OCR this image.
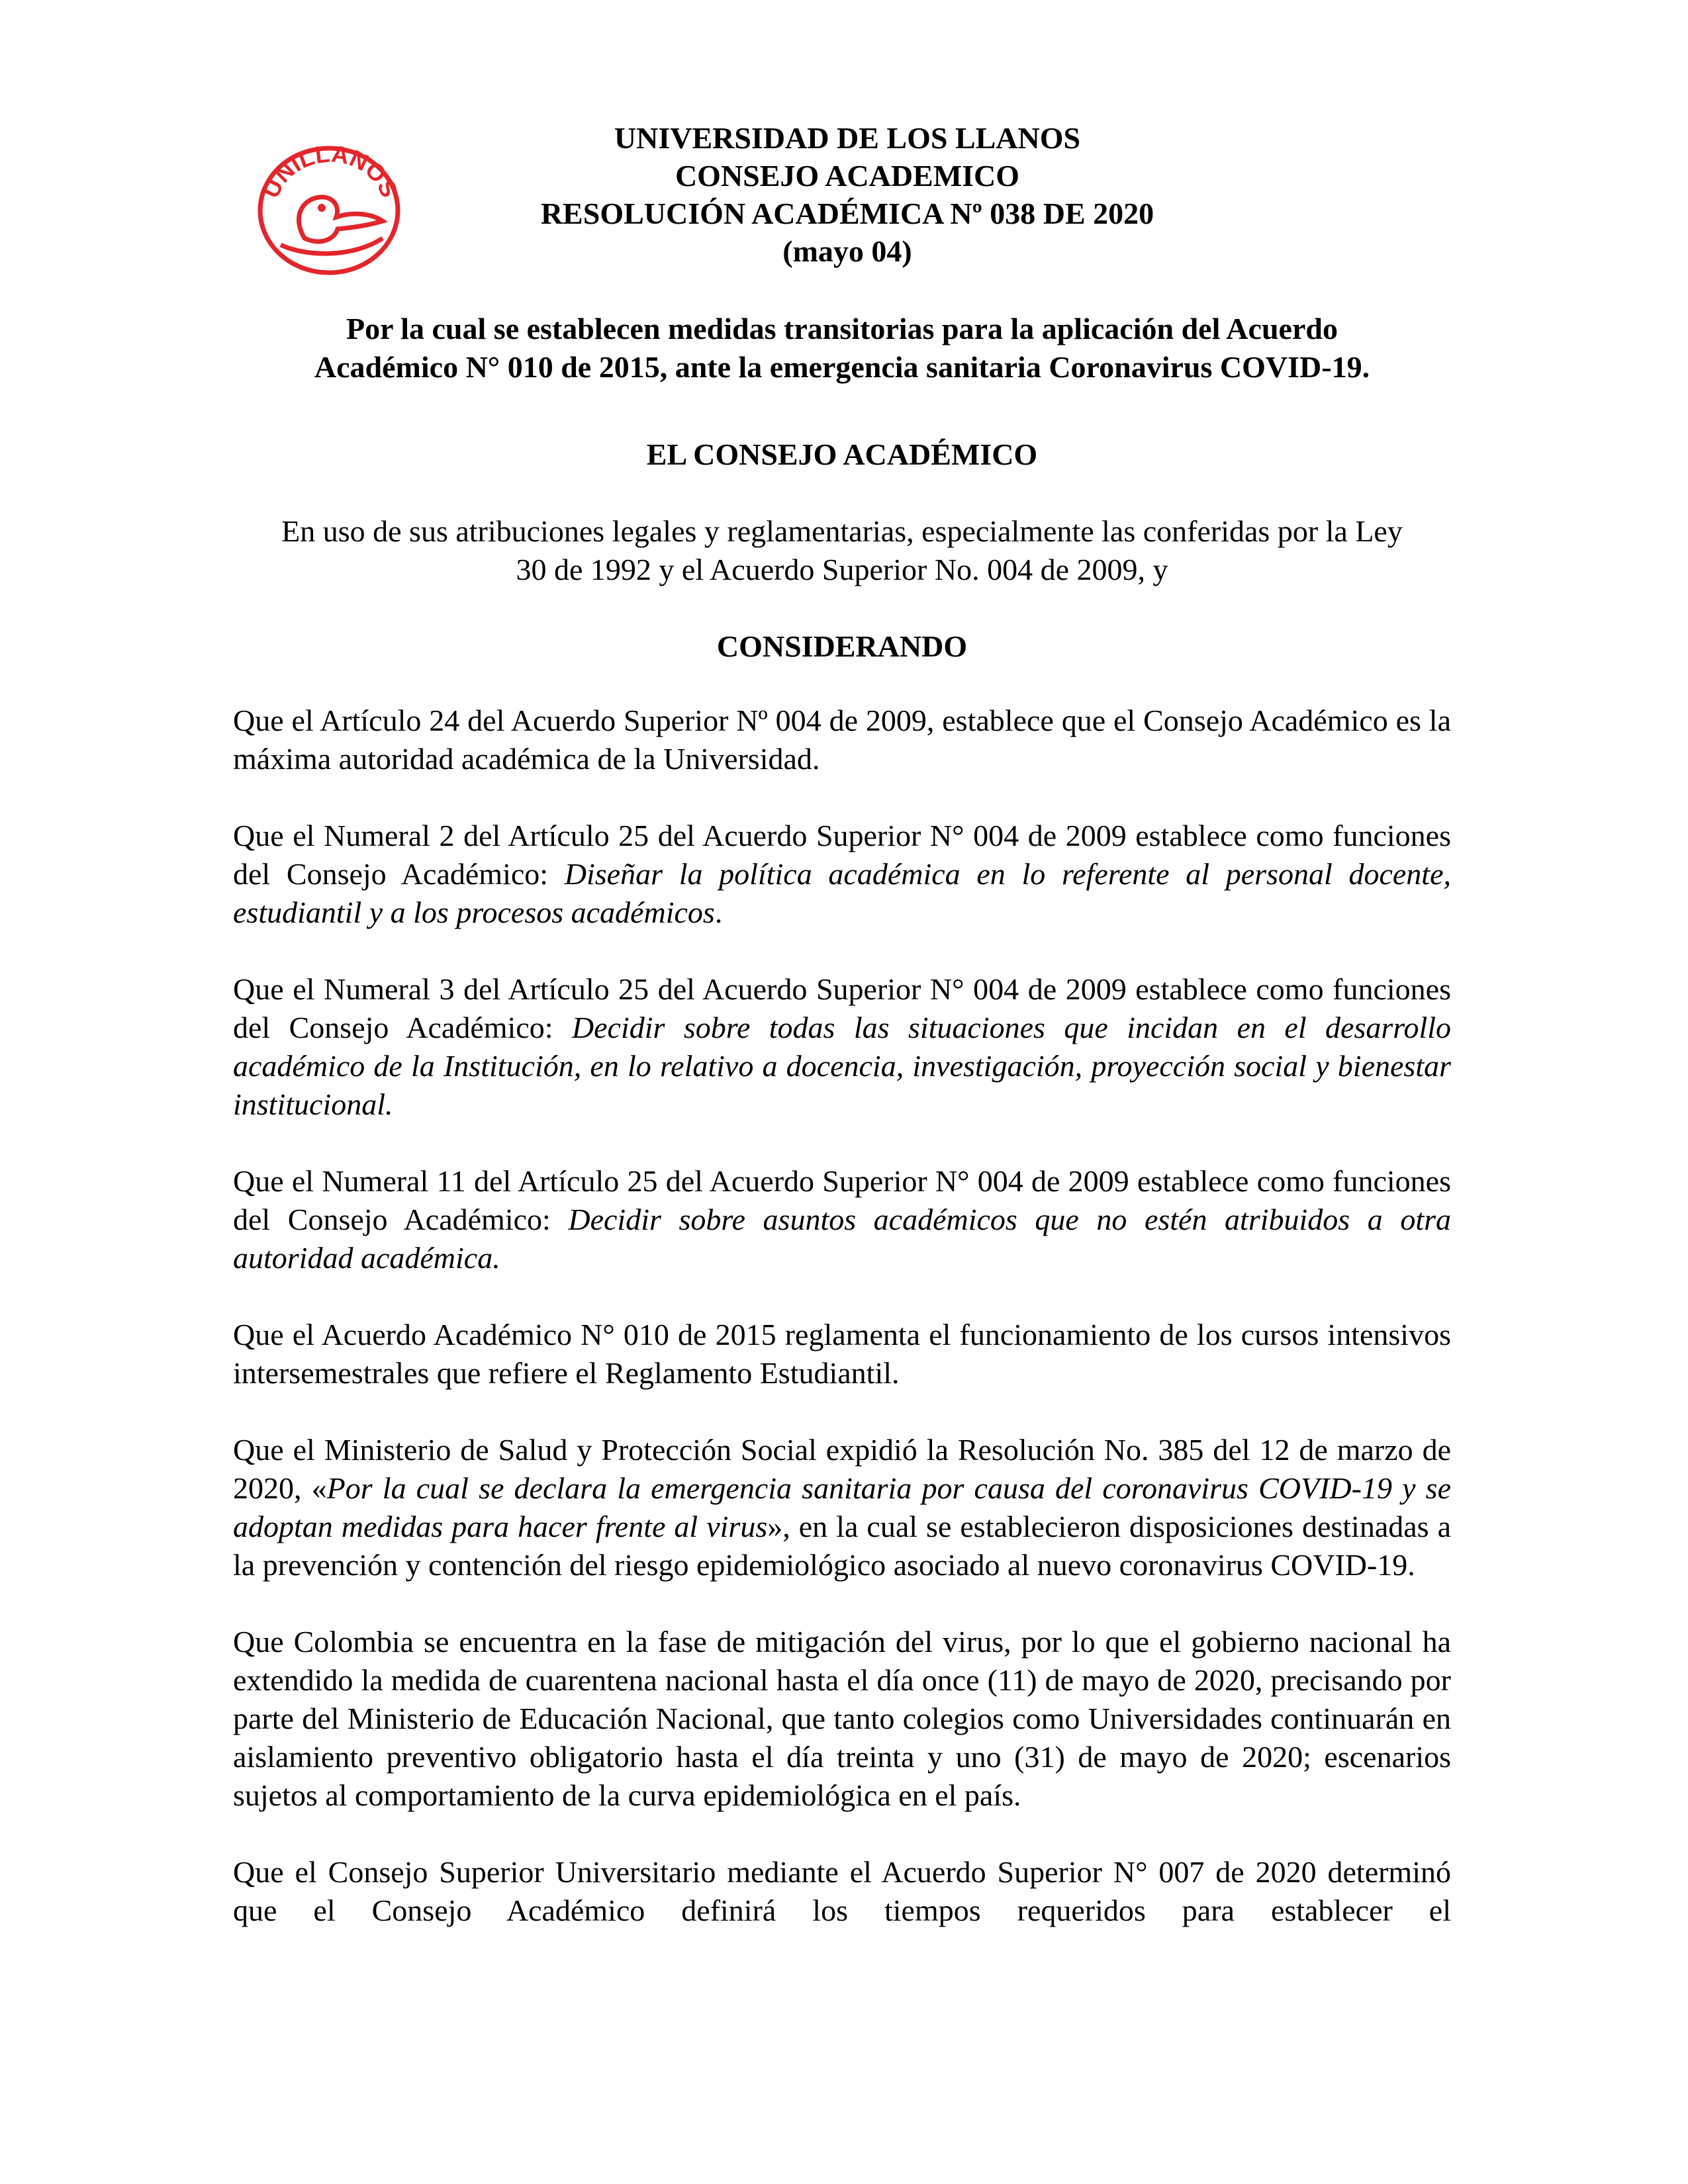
UNILLANOS
UNIVERSIDAD DE LOS LLANOS
CONSEJO ACADEMICO
RESOLUCIÓN ACADÉMICA Nº 038 DE 2020
(mayo 04)
Por la cual se establecen medidas transitorias para la aplicación del Acuerdo
Académico N° 010 de 2015, ante la emergencia sanitaria Coronavirus COVID-19.
EL CONSEJO ACADÉMICO
En uso de sus atribuciones legales y reglamentarias, especialmente las conferidas por la Ley
30 de 1992 y el Acuerdo Superior No. 004 de 2009, y
CONSIDERANDO

Que el Artículo 24 del Acuerdo Superior Nº 004 de 2009, establece que el Consejo Académico es la máxima autoridad académica de la Universidad.

Que el Numeral 2 del Artículo 25 del Acuerdo Superior N° 004 de 2009 establece como funciones del Consejo Académico: Diseñar la política académica en lo referente al personal docente, estudiantil y a los procesos académicos.

Que el Numeral 3 del Artículo 25 del Acuerdo Superior N° 004 de 2009 establece como funciones del Consejo Académico: Decidir sobre todas las situaciones que incidan en el desarrollo académico de la Institución, en lo relativo a docencia, investigación, proyección social y bienestar institucional.

Que el Numeral 11 del Artículo 25 del Acuerdo Superior N° 004 de 2009 establece como funciones del Consejo Académico: Decidir sobre asuntos académicos que no estén atribuidos a otra autoridad académica.

Que el Acuerdo Académico N° 010 de 2015 reglamenta el funcionamiento de los cursos intensivos intersemestrales que refiere el Reglamento Estudiantil.

Que el Ministerio de Salud y Protección Social expidió la Resolución No. 385 del 12 de marzo de 2020, «Por la cual se declara la emergencia sanitaria por causa del coronavirus COVID-19 y se adoptan medidas para hacer frente al virus», en la cual se establecieron disposiciones destinadas a la prevención y contención del riesgo epidemiológico asociado al nuevo coronavirus COVID-19.

Que Colombia se encuentra en la fase de mitigación del virus, por lo que el gobierno nacional ha extendido la medida de cuarentena nacional hasta el día once (11) de mayo de 2020, precisando por parte del Ministerio de Educación Nacional, que tanto colegios como Universidades continuarán en aislamiento preventivo obligatorio hasta el día treinta y uno (31) de mayo de 2020; escenarios sujetos al comportamiento de la curva epidemiológica en el país.

Que el Consejo Superior Universitario mediante el Acuerdo Superior N° 007 de 2020 determinó que el Consejo Académico definirá los tiempos requeridos para establecer el
